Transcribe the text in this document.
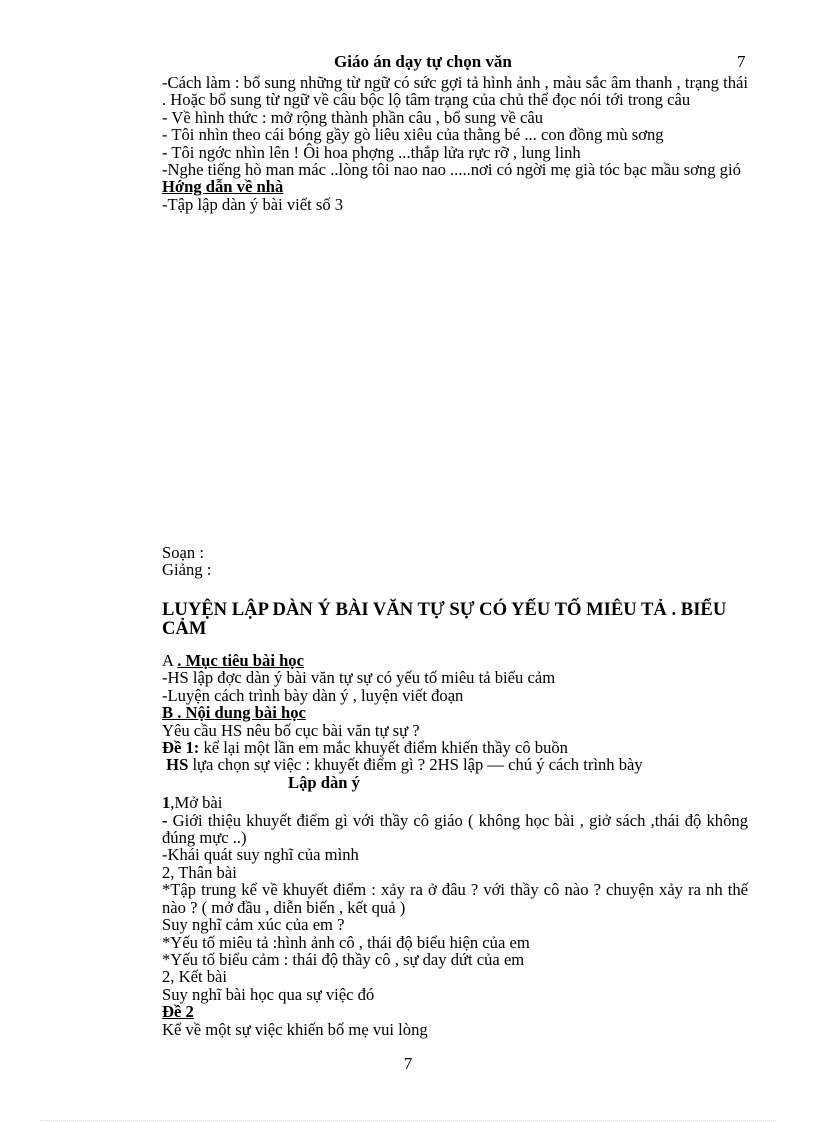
Giáo án dạy tự chọn văn	7

-Cách làm : bổ sung những từ ngữ có sức gợi tả hình ảnh , màu sắc âm thanh , trạng thái . Hoặc bổ sung từ ngữ về câu bộc lộ tâm trạng của chủ thể đọc nói tới trong câu

- Về hình thức : mở rộng thành phần câu , bổ sung về câu

- Tôi nhìn theo cái bóng gầy gò liêu xiêu của thằng bé ... con đồng mù sơng

- Tôi ngớc nhìn lên ! Ôi hoa phợng ...thắp lửa rực rỡ , lung linh

-Nghe tiếng hò man mác ..lòng tôi nao nao .....nơi có ngời mẹ già tóc bạc mầu sơng gió

Hớng dẫn về nhà

-Tập lập dàn ý bài viết số 3

Soạn :

Giảng :

LUYỆN LẬP DÀN Ý BÀI VĂN TỰ SỰ CÓ YẾU TỐ MIÊU TẢ . BIỂU CẢM

A . Mục tiêu bài học

-HS lập đợc dàn ý bài văn tự sự có yếu tố miêu tả biểu cảm

-Luyện cách trình bày dàn ý , luyện viết đoạn

B . Nội dung bài học

Yêu cầu HS nêu bố cục bài văn tự sự ?

Đề 1: kể lại một lần em mắc khuyết điểm khiến thầy cô buồn

HS lựa chọn sự việc : khuyết điểm gì ? 2HS lập — chú ý cách trình bày

Lập dàn ý

1,Mở bài

- Giới thiệu khuyết điểm gì với thầy cô giáo ( không học bài , giở sách ,thái độ không đúng mực ..)

-Khái quát suy nghĩ của mình

2, Thân bài

*Tập trung kể về khuyết điểm : xảy ra ở đâu ? với thầy cô nào ? chuyện xảy ra nh thế nào ? ( mở đầu , diễn biến , kết quả )

Suy nghĩ cảm xúc của em ?

*Yếu tố miêu tả :hình ảnh cô , thái độ biểu hiện của em

*Yếu tố biểu cảm : thái độ thầy cô , sự day dứt của em

2, Kết bài

Suy nghĩ bài học qua sự việc đó

Đề 2

Kể về một sự việc khiến bố mẹ vui lòng

7
